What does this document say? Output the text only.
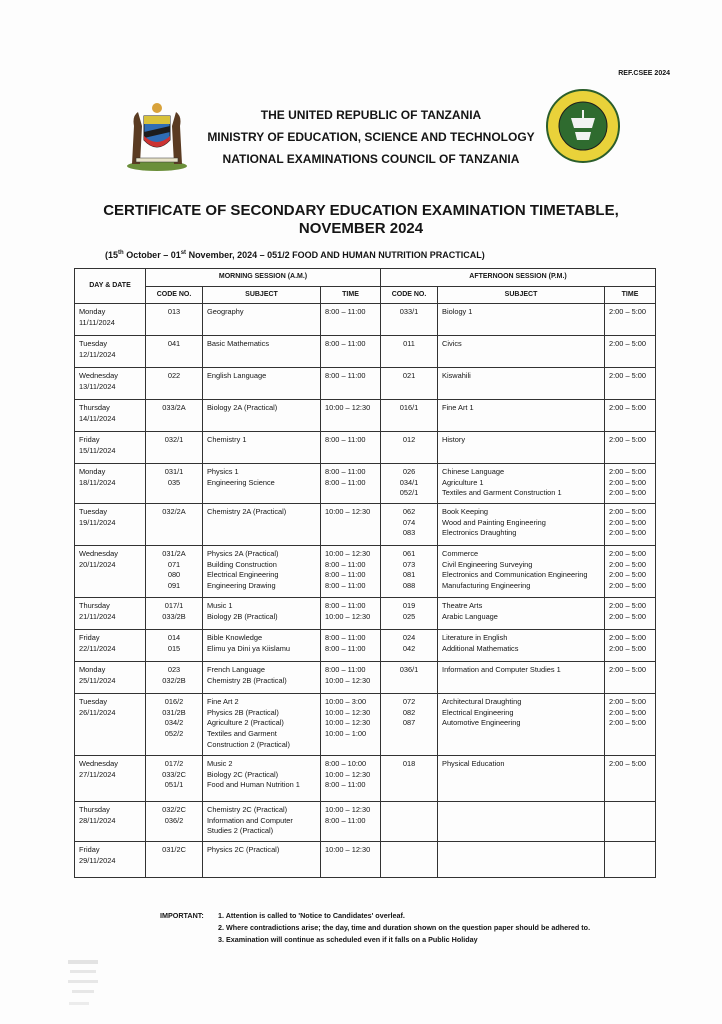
REF.CSEE 2024
THE UNITED REPUBLIC OF TANZANIA
MINISTRY OF EDUCATION, SCIENCE AND TECHNOLOGY
NATIONAL EXAMINATIONS COUNCIL OF TANZANIA
CERTIFICATE OF SECONDARY EDUCATION EXAMINATION TIMETABLE,
NOVEMBER 2024
(15th October – 01st November, 2024 – 051/2 FOOD AND HUMAN NUTRITION PRACTICAL)
DAY & DATE	MORNING SESSION (A.M.)			AFTERNOON SESSION (P.M.)		
	CODE NO.	SUBJECT	TIME	CODE NO.	SUBJECT	TIME

Monday
11/11/2024	013	Geography	8:00 – 11:00	033/1	Biology 1	2:00 – 5:00

Tuesday
12/11/2024	041	Basic Mathematics	8:00 – 11:00	011	Civics	2:00 – 5:00

Wednesday
13/11/2024	022	English Language	8:00 – 11:00	021	Kiswahili	2:00 – 5:00

Thursday
14/11/2024	033/2A	Biology 2A (Practical)	10:00 – 12:30	016/1	Fine Art 1	2:00 – 5:00

Friday
15/11/2024	032/1	Chemistry 1	8:00 – 11:00	012	History	2:00 – 5:00

Monday
18/11/2024	031/1
035	Physics 1
Engineering Science	8:00 – 11:00
8:00 – 11:00	026
034/1
052/1	Chinese Language
Agriculture 1
Textiles and Garment Construction 1	2:00 – 5:00
2:00 – 5:00
2:00 – 5:00

Tuesday
19/11/2024	032/2A	Chemistry 2A (Practical)	10:00 – 12:30	062
074
083	Book Keeping
Wood and Painting Engineering
Electronics Draughting	2:00 – 5:00
2:00 – 5:00
2:00 – 5:00

Wednesday
20/11/2024	031/2A
071
080
091	Physics 2A (Practical)
Building Construction
Electrical Engineering
Engineering Drawing	10:00 – 12:30
8:00 – 11:00
8:00 – 11:00
8:00 – 11:00	061
073
081
088	Commerce
Civil Engineering Surveying
Electronics and Communication Engineering
Manufacturing Engineering	2:00 – 5:00
2:00 – 5:00
2:00 – 5:00
2:00 – 5:00

Thursday
21/11/2024	017/1
033/2B	Music 1
Biology 2B (Practical)	8:00 – 11:00
10:00 – 12:30	019
025	Theatre Arts
Arabic Language	2:00 – 5:00
2:00 – 5:00

Friday
22/11/2024	014
015	Bible Knowledge
Elimu ya Dini ya Kiislamu	8:00 – 11:00
8:00 – 11:00	024
042	Literature in English
Additional Mathematics	2:00 – 5:00
2:00 – 5:00

Monday
25/11/2024	023
032/2B	French Language
Chemistry 2B (Practical)	8:00 – 11:00
10:00 – 12:30	036/1	Information and Computer Studies 1	2:00 – 5:00

Tuesday
26/11/2024	016/2
031/2B
034/2
052/2	Fine Art 2
Physics 2B (Practical)
Agriculture 2 (Practical)
Textiles and Garment
Construction 2 (Practical)	10:00 – 3:00
10:00 – 12:30
10:00 – 12:30
10:00 – 1:00	072
082
087	Architectural Draughting
Electrical Engineering
Automotive Engineering	2:00 – 5:00
2:00 – 5:00
2:00 – 5:00

Wednesday
27/11/2024	017/2
033/2C
051/1	Music 2
Biology 2C (Practical)
Food and Human Nutrition 1	8:00 – 10:00
10:00 – 12:30
8:00 – 11:00	018	Physical Education	2:00 – 5:00

Thursday
28/11/2024	032/2C
036/2	Chemistry 2C (Practical)
Information and Computer
Studies 2 (Practical)	10:00 – 12:30
8:00 – 11:00			

Friday
29/11/2024	031/2C	Physics 2C (Practical)	10:00 – 12:30			

IMPORTANT: 1. Attention is called to 'Notice to Candidates' overleaf.
2. Where contradictions arise; the day, time and duration shown on the question paper should be adhered to.
3. Examination will continue as scheduled even if it falls on a Public Holiday
